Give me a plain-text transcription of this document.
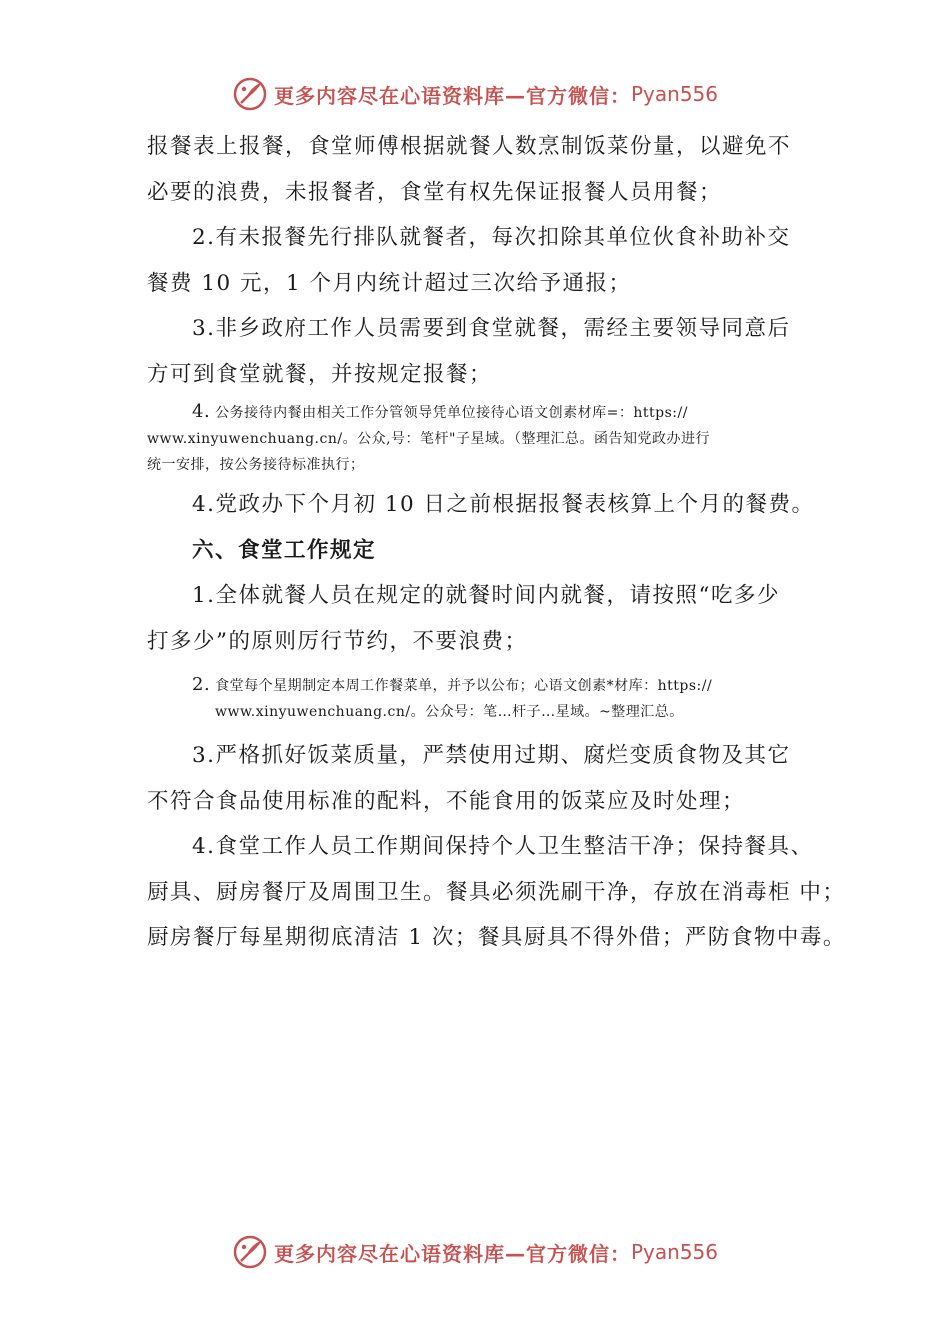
更多内容尽在心语资料库—官方微信： Pyan556
报餐表上报餐，食堂师傅根据就餐人数烹制饭菜份量，以避免不
必要的浪费，未报餐者，食堂有权先保证报餐人员用餐；
2.有未报餐先行排队就餐者，每次扣除其单位伙食补助补交
餐费 10 元，1 个月内统计超过三次给予通报；
3.非乡政府工作人员需要到食堂就餐，需经主要领导同意后
方可到食堂就餐，并按规定报餐；
4. 公务接待内餐由相关工作分管领导凭单位接待心语文创素材库=：https://
www.xinyuwenchuang.cn/。公众,号：笔杆"子星域。（整理汇总。函告知党政办进行
统一安排，按公务接待标准执行；
4.党政办下个月初 10 日之前根据报餐表核算上个月的餐费。
六、食堂工作规定
1.全体就餐人员在规定的就餐时间内就餐，请按照“吃多少
打多少”的原则厉行节约，不要浪费；
2. 食堂每个星期制定本周工作餐菜单，并予以公布；心语文创素*材库：https://
www.xinyuwenchuang.cn/。公众号：笔…杆子…星域。~整理汇总。
3.严格抓好饭菜质量，严禁使用过期、腐烂变质食物及其它
不符合食品使用标准的配料，不能食用的饭菜应及时处理；
4.食堂工作人员工作期间保持个人卫生整洁干净；保持餐具、
厨具、厨房餐厅及周围卫生。餐具必须洗刷干净，存放在消毒柜 中；
厨房餐厅每星期彻底清洁 1 次；餐具厨具不得外借；严防食物中毒。
更多内容尽在心语资料库—官方微信： Pyan556
